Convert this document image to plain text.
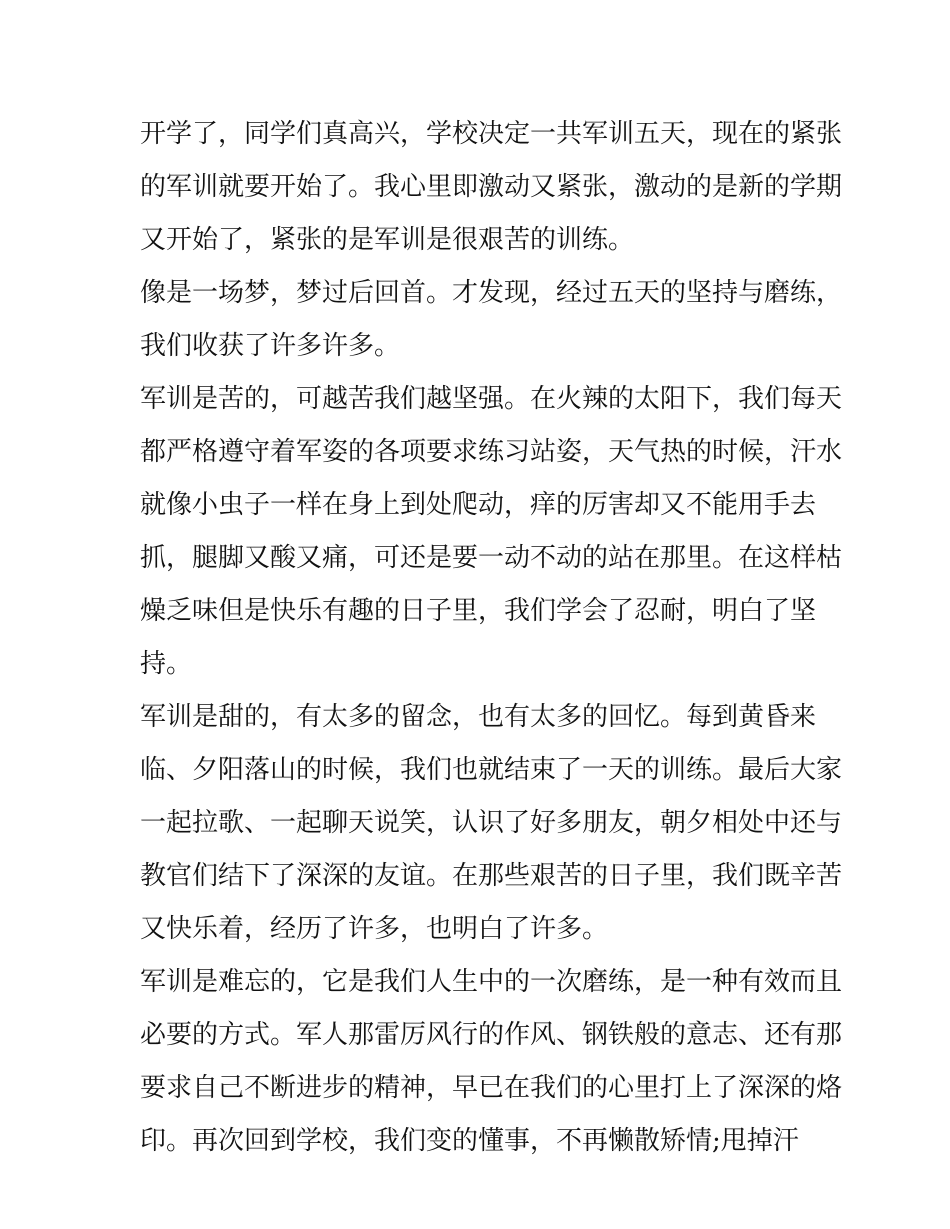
开学了，同学们真高兴，学校决定一共军训五天，现在的紧张
的军训就要开始了。我心里即激动又紧张，激动的是新的学期
又开始了，紧张的是军训是很艰苦的训练。
像是一场梦，梦过后回首。才发现，经过五天的坚持与磨练，
我们收获了许多许多。
军训是苦的，可越苦我们越坚强。在火辣的太阳下，我们每天
都严格遵守着军姿的各项要求练习站姿，天气热的时候，汗水
就像小虫子一样在身上到处爬动，痒的厉害却又不能用手去
抓，腿脚又酸又痛，可还是要一动不动的站在那里。在这样枯
燥乏味但是快乐有趣的日子里，我们学会了忍耐，明白了坚
持。
军训是甜的，有太多的留念，也有太多的回忆。每到黄昏来
临、夕阳落山的时候，我们也就结束了一天的训练。最后大家
一起拉歌、一起聊天说笑，认识了好多朋友，朝夕相处中还与
教官们结下了深深的友谊。在那些艰苦的日子里，我们既辛苦
又快乐着，经历了许多，也明白了许多。
军训是难忘的，它是我们人生中的一次磨练，是一种有效而且
必要的方式。军人那雷厉风行的作风、钢铁般的意志、还有那
要求自己不断进步的精神，早已在我们的心里打上了深深的烙
印。再次回到学校，我们变的懂事，不再懒散矫情;甩掉汗
